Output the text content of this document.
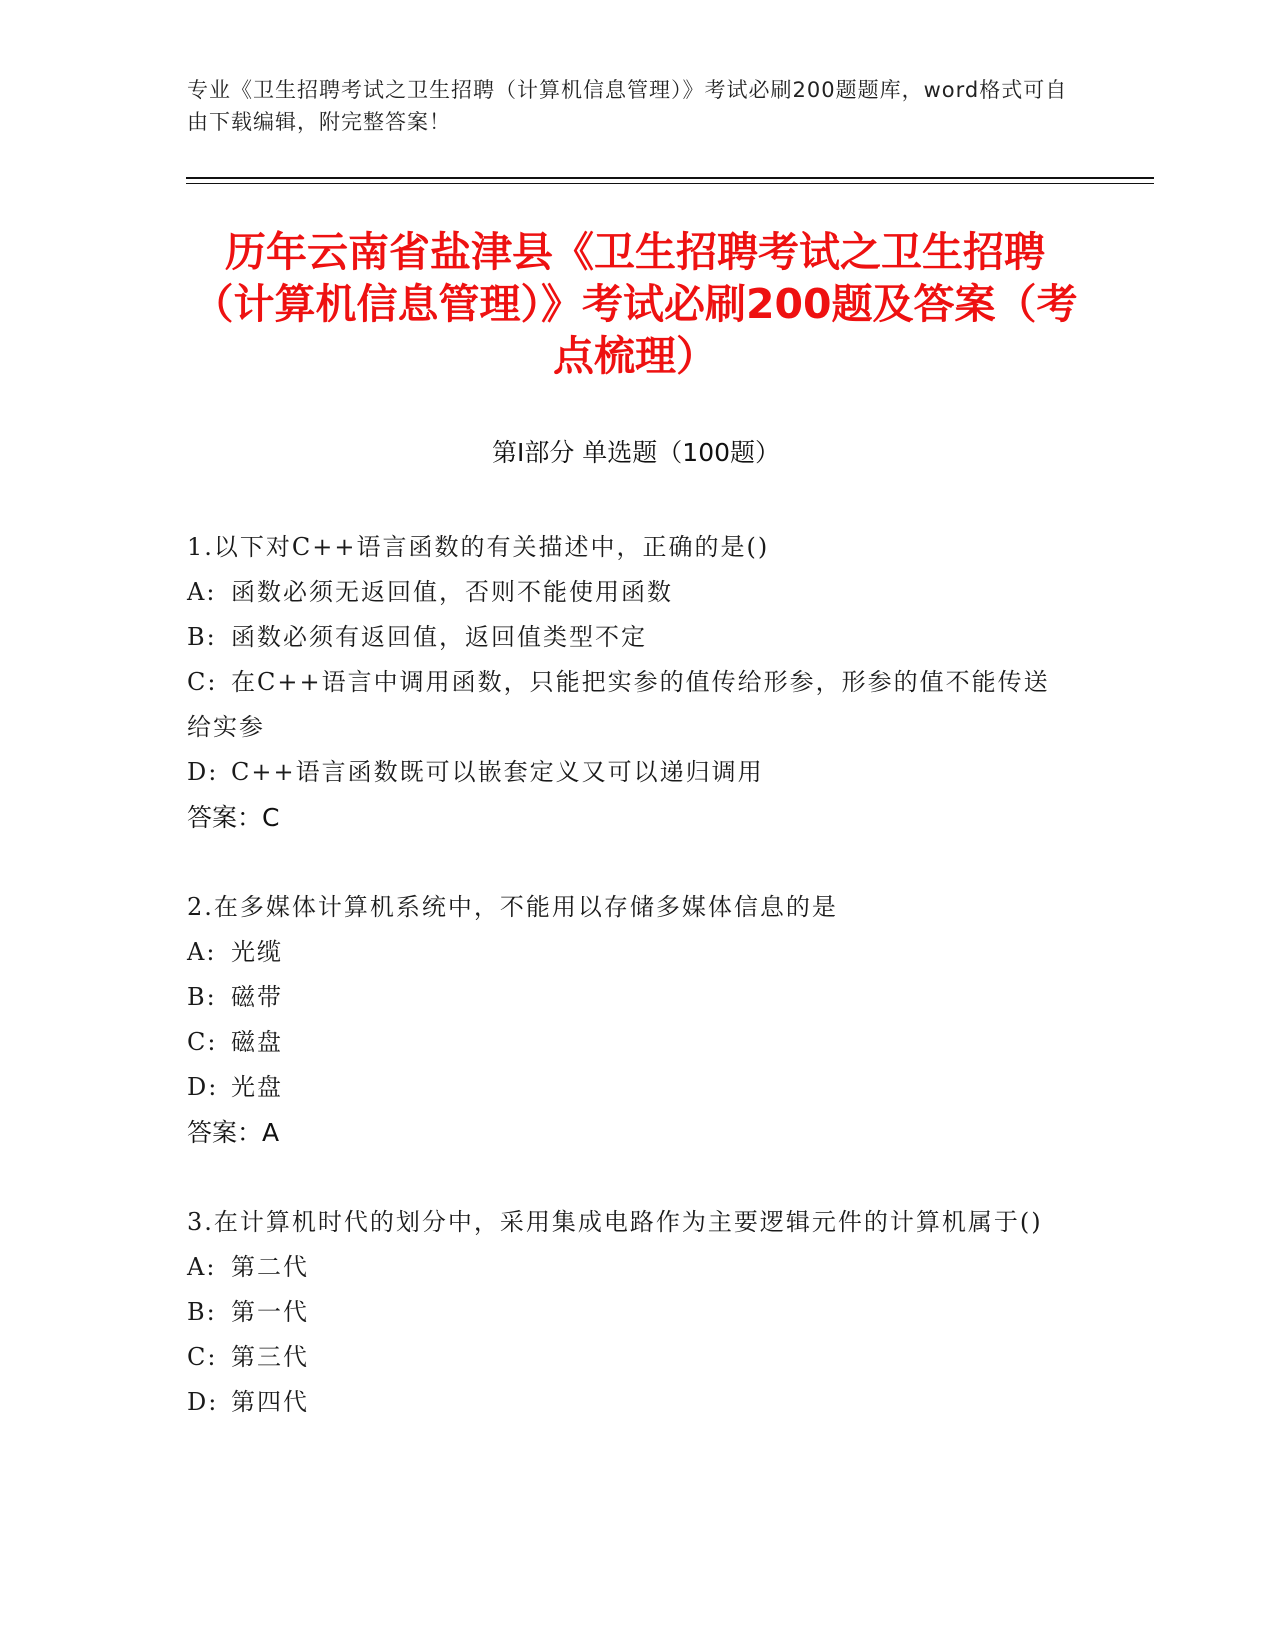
专业《卫生招聘考试之卫生招聘（计算机信息管理）》考试必刷200题题库，word格式可自由下载编辑，附完整答案！
历年云南省盐津县《卫生招聘考试之卫生招聘（计算机信息管理）》考试必刷200题及答案（考点梳理）
第Ⅰ部分 单选题（100题）
1.以下对C++语言函数的有关描述中，正确的是()
A: 函数必须无返回值，否则不能使用函数
B: 函数必须有返回值，返回值类型不定
C: 在C++语言中调用函数，只能把实参的值传给形参，形参的值不能传送给实参
D: C++语言函数既可以嵌套定义又可以递归调用
答案：C
2.在多媒体计算机系统中，不能用以存储多媒体信息的是
A: 光缆
B: 磁带
C: 磁盘
D: 光盘
答案：A
3.在计算机时代的划分中，采用集成电路作为主要逻辑元件的计算机属于()
A: 第二代
B: 第一代
C: 第三代
D: 第四代
